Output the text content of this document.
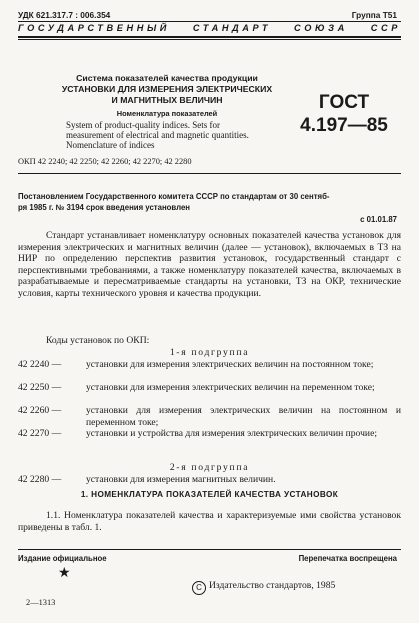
УДК 621.317.7 : 006.354	Группа Т51
ГОСУДАРСТВЕННЫЙ СТАНДАРТ СОЮЗА ССР
Система показателей качества продукции
УСТАНОВКИ ДЛЯ ИЗМЕРЕНИЯ ЭЛЕКТРИЧЕСКИХ
И МАГНИТНЫХ ВЕЛИЧИН
Номенклатура показателей
System of product-quality indices. Sets for
measurement of electrical and magnetic quantities.
Nomenclature of indices
ГОСТ
4.197—85
ОКП 42 2240; 42 2250; 42 2260; 42 2270; 42 2280
Постановлением Государственного комитета СССР по стандартам от 30 сентяб-
ря 1985 г. № 3194 срок введения установлен
с 01.01.87
Стандарт устанавливает номенклатуру основных показателей качества установок для измерения электрических и магнитных величин (далее — установок), включаемых в ТЗ на НИР по определению перспектив развития установок, государственный стандарт с перспективными требованиями, а также номенклатуру показателей качества, включаемых в разрабатываемые и пересматриваемые стандарты на установки, ТЗ на ОКР, технические условия, карты технического уровня и качества продукции.
Коды установок по ОКП:
1-я подгруппа
42 2240 —	установки для измерения электрических величин на постоянном токе;
42 2250 —	установки для измерения электрических величин на переменном токе;
42 2260 —	установки для измерения электрических величин на постоянном и переменном токе;
42 2270 —	установки и устройства для измерения электрических величин прочие;
2-я подгруппа
42 2280 —	установки для измерения магнитных величин.
1. НОМЕНКЛАТУРА ПОКАЗАТЕЛЕЙ КАЧЕСТВА УСТАНОВОК
1.1. Номенклатура показателей качества и характеризуемые ими свойства установок приведены в табл. 1.
Издание официальное	Перепечатка воспрещена
★
C Издательство стандартов, 1985
2—1313
